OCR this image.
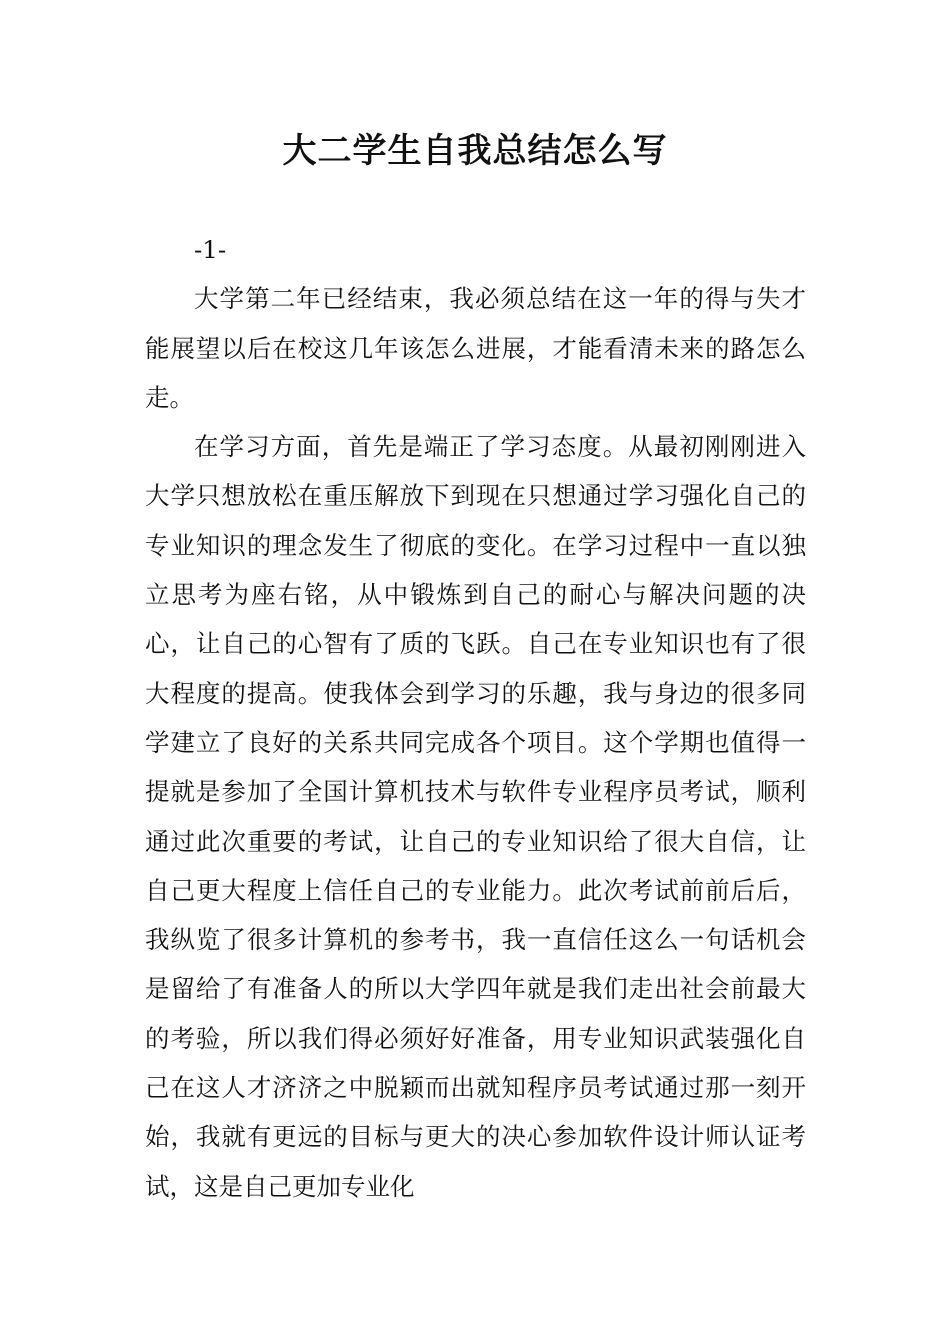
大二学生自我总结怎么写

-1-

大学第二年已经结束，我必须总结在这一年的得与失才能展望以后在校这几年该怎么进展，才能看清未来的路怎么走。

在学习方面，首先是端正了学习态度。从最初刚刚进入大学只想放松在重压解放下到现在只想通过学习强化自己的专业知识的理念发生了彻底的变化。在学习过程中一直以独立思考为座右铭，从中锻炼到自己的耐心与解决问题的决心，让自己的心智有了质的飞跃。自己在专业知识也有了很大程度的提高。使我体会到学习的乐趣，我与身边的很多同学建立了良好的关系共同完成各个项目。这个学期也值得一提就是参加了全国计算机技术与软件专业程序员考试，顺利通过此次重要的考试，让自己的专业知识给了很大自信，让自己更大程度上信任自己的专业能力。此次考试前前后后，我纵览了很多计算机的参考书，我一直信任这么一句话机会是留给了有准备人的所以大学四年就是我们走出社会前最大的考验，所以我们得必须好好准备，用专业知识武装强化自己在这人才济济之中脱颖而出就知程序员考试通过那一刻开始，我就有更远的目标与更大的决心参加软件设计师认证考试，这是自己更加专业化
